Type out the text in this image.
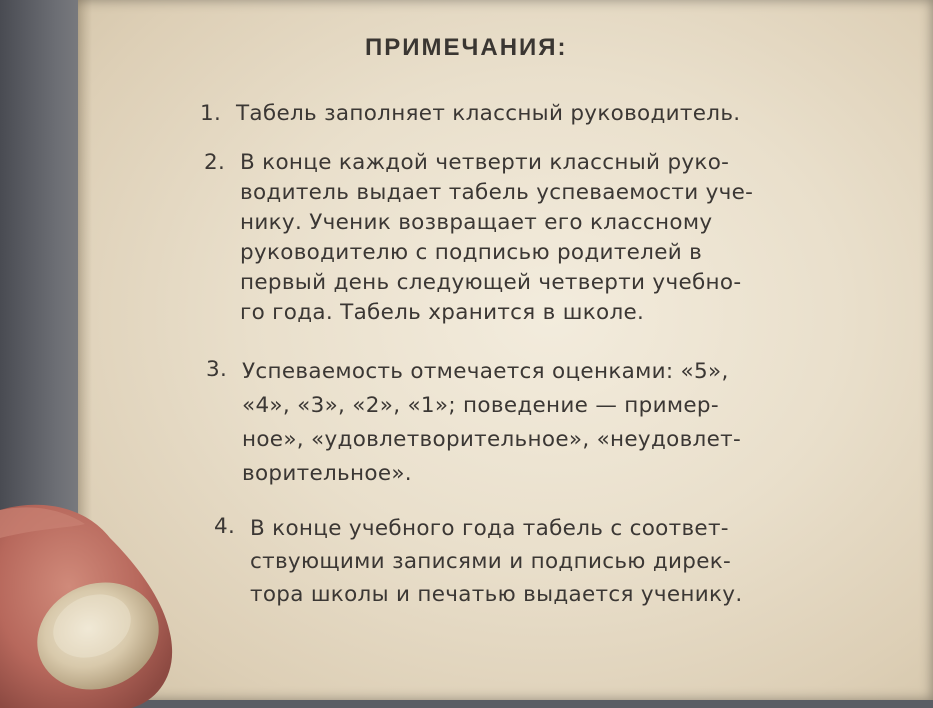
ПРИМЕЧАНИЯ:
1. Табель заполняет классный руководитель.
2. В конце каждой четверти классный руко-
водитель выдает табель успеваемости уче-
нику. Ученик возвращает его классному
руководителю с подписью родителей в
первый день следующей четверти учебно-
го года. Табель хранится в школе.
3. Успеваемость отмечается оценками: «5»,
«4», «3», «2», «1»; поведение — пример-
ное», «удовлетворительное», «неудовлет-
ворительное».
4. В конце учебного года табель с соответ-
ствующими записями и подписью дирек-
тора школы и печатью выдается ученику.
